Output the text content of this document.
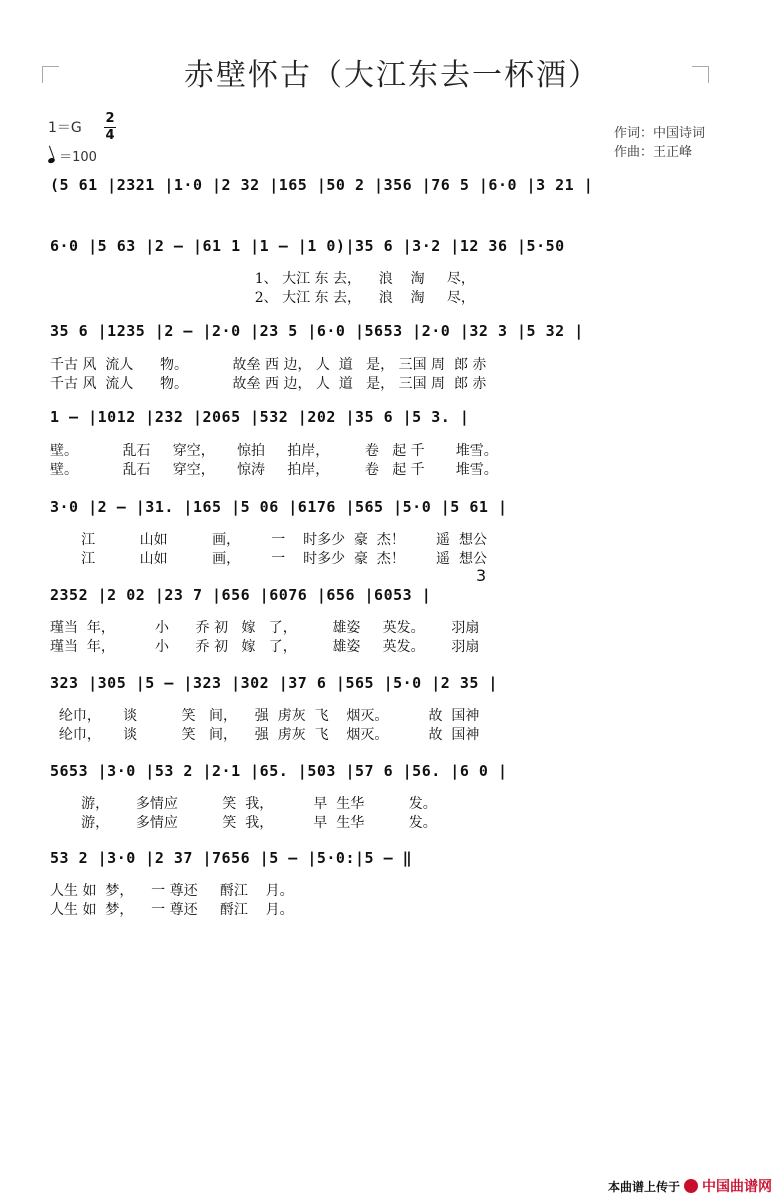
赤壁怀古（大江东去一杯酒）
1＝G
2
4
＝100
作词：中国诗词
作曲：王正峰
(5 61 |2321 |1·0 |2 32 |165 |50 2 |356 |76 5 |6·0 |3 21 |
6·0 |5 63 |2 – |61 1 |1 – |1 0)|35 6 |3·2 |12 36 |5·50
1、 大江 东 去，    浪    淘     尽，
2、 大江 东 去，    浪    淘     尽，
35 6 |1235 |2 – |2·0 |23 5 |6·0 |5653 |2·0 |32 3 |5 32 |
千古 风  流人      物。          故垒 西 边， 人  道   是， 三国 周  郎 赤
千古 风  流人      物。          故垒 西 边， 人  道   是， 三国 周  郎 赤
1 – |1012 |232 |2065 |532 |202 |35 6 |5 3. |
壁。          乱石     穿空，     惊拍     拍岸，        卷   起 千       堆雪。
壁。          乱石     穿空，     惊涛     拍岸，        卷   起 千       堆雪。
3·0 |2 – |31. |165 |5 06 |6176 |565 |5·0 |5 61 |
江          山如          画，       一    时多少  豪  杰！       遥  想公
江          山如          画，       一    时多少  豪  杰！       遥  想公
3
2352 |2 02 |23 7 |656 |6076 |656 |6053 |
瑾当  年，         小      乔 初   嫁   了，        雄姿     英发。      羽扇
瑾当  年，         小      乔 初   嫁   了，        雄姿     英发。      羽扇
323 |305 |5 – |323 |302 |37 6 |565 |5·0 |2 35 |
纶巾，     谈          笑   间，    强  虏灰  飞    烟灭。         故  国神
纶巾，     谈          笑   间，    强  虏灰  飞    烟灭。         故  国神
5653 |3·0 |53 2 |2·1 |65. |503 |57 6 |56. |6 0 |
游，      多情应          笑  我，         早  生华          发。
游，      多情应          笑  我，         早  生华          发。
53 2 |3·0 |2 37 |7656 |5 – |5·0:|5 – ‖
人生 如  梦，    一 尊还     酹江    月。
人生 如  梦，    一 尊还     酹江    月。
本曲谱上传于 中国曲谱网
